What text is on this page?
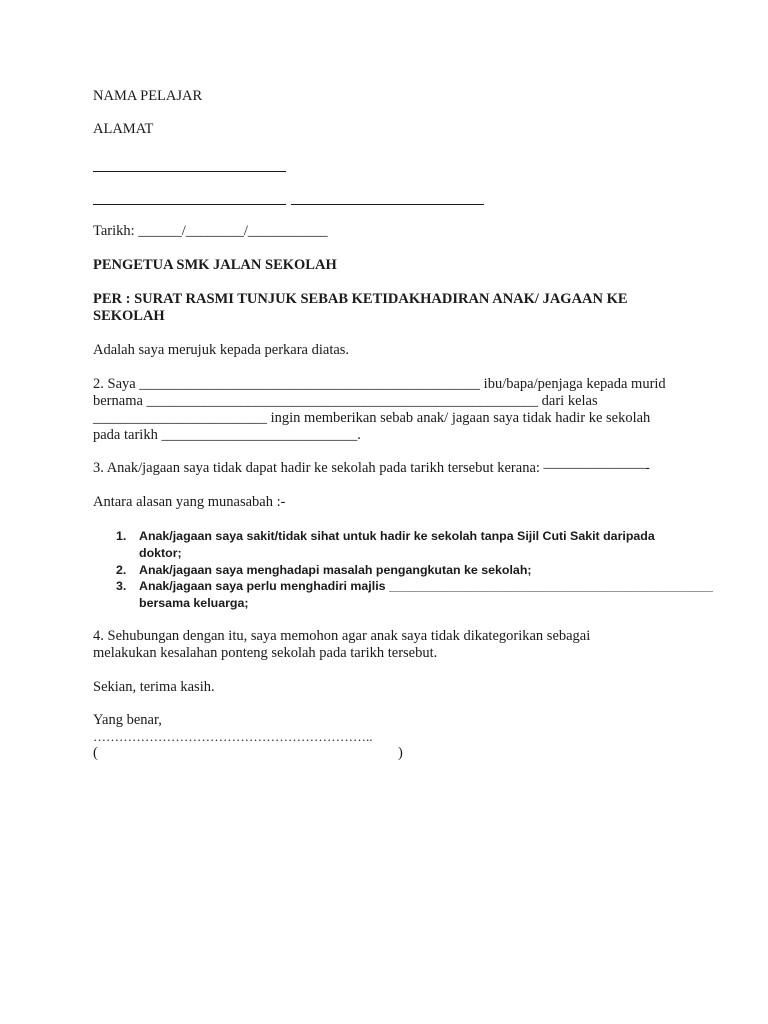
NAMA PELAJAR
ALAMAT
Tarikh: ______/________/___________
PENGETUA SMK JALAN SEKOLAH
PER : SURAT RASMI TUNJUK SEBAB KETIDAKHADIRAN ANAK/ JAGAAN KE
SEKOLAH
Adalah saya merujuk kepada perkara diatas.
2. Saya _______________________________________________ ibu/bapa/penjaga kepada murid
bernama ______________________________________________________ dari kelas
________________________ ingin memberikan sebab anak/ jagaan saya tidak hadir ke sekolah
pada tarikh ___________________________.
3. Anak/jagaan saya tidak dapat hadir ke sekolah pada tarikh tersebut kerana: ———————-
Antara alasan yang munasabah :-
1. Anak/jagaan saya sakit/tidak sihat untuk hadir ke sekolah tanpa Sijil Cuti Sakit daripada
doktor;
2. Anak/jagaan saya menghadapi masalah pengangkutan ke sekolah;
3. Anak/jagaan saya perlu menghadiri majlis _______________________________________________
bersama keluarga;
4. Sehubungan dengan itu, saya memohon agar anak saya tidak dikategorikan sebagai
melakukan kesalahan ponteng sekolah pada tarikh tersebut.
Sekian, terima kasih.
Yang benar,
………………………………………………………..
(	)
